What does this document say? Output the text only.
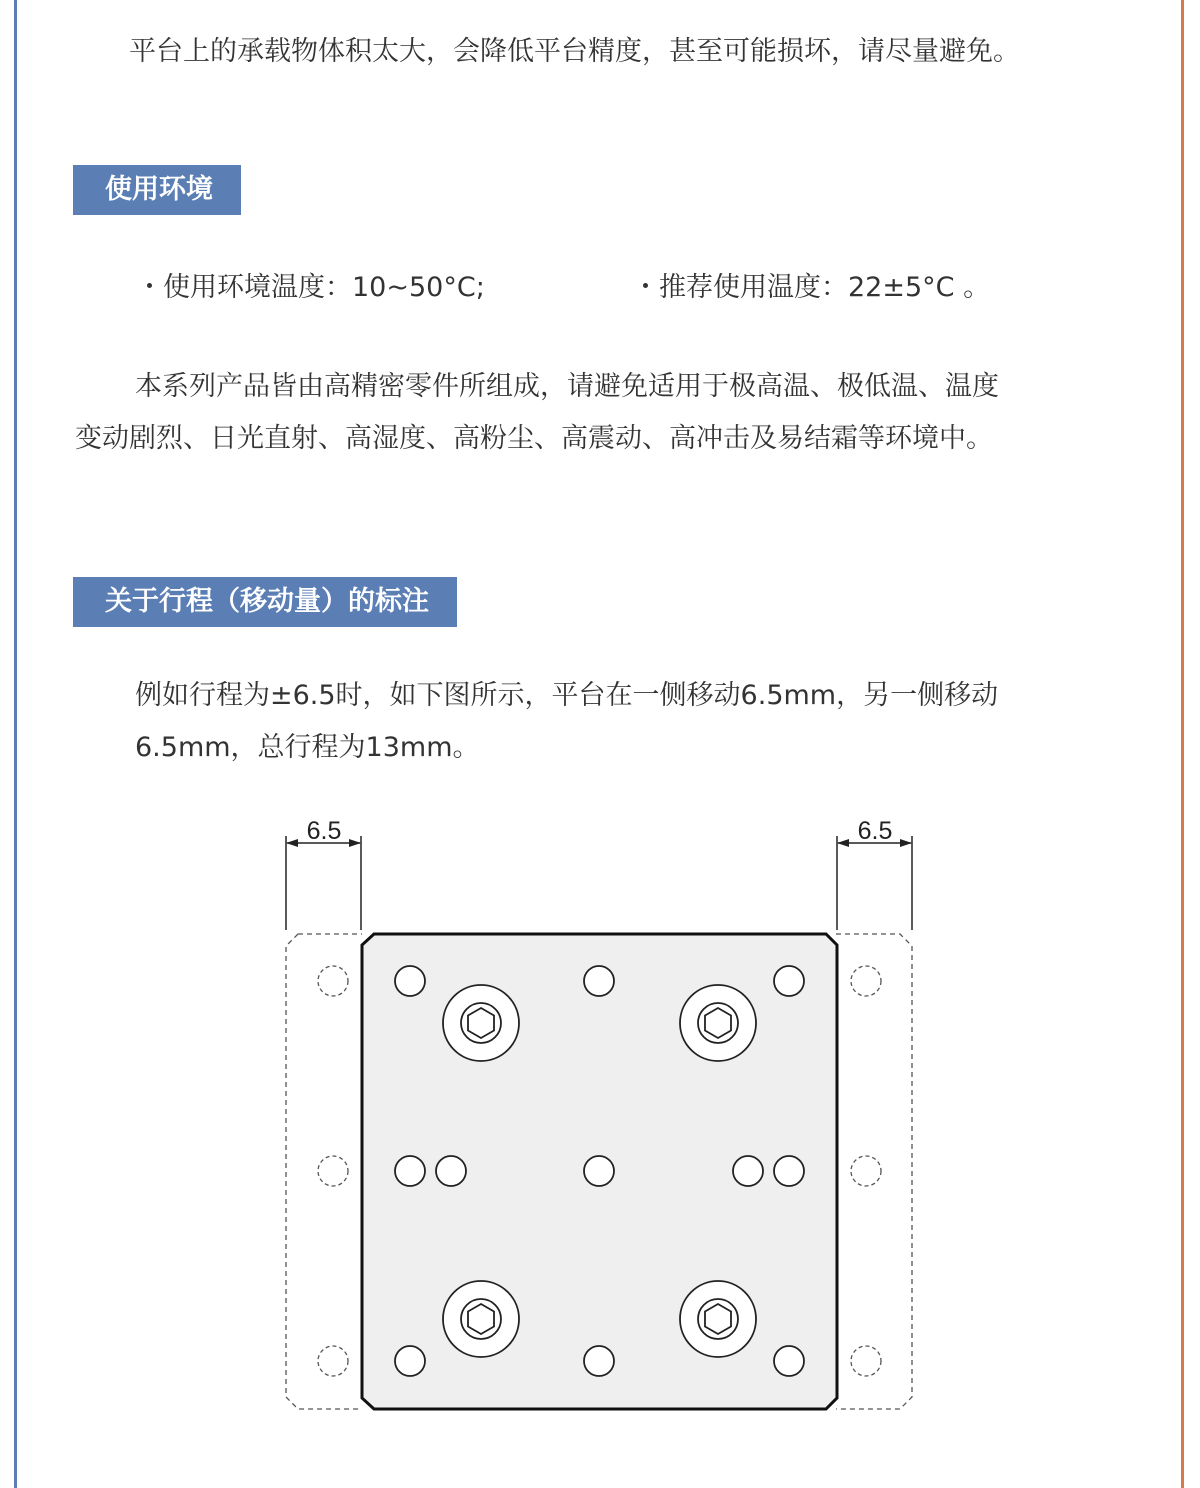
平台上的承载物体积太大，会降低平台精度，甚至可能损坏，请尽量避免。

使用环境
・使用环境温度：10~50°C;	・推荐使用温度：22±5°C 。
本系列产品皆由高精密零件所组成，请避免适用于极高温、极低温、温度
变动剧烈、日光直射、高湿度、高粉尘、高震动、高冲击及易结霜等环境中。
关于行程（移动量）的标注
例如行程为±6.5时，如下图所示，平台在一侧移动6.5mm，另一侧移动
6.5mm，总行程为13mm。
6.5	6.5
